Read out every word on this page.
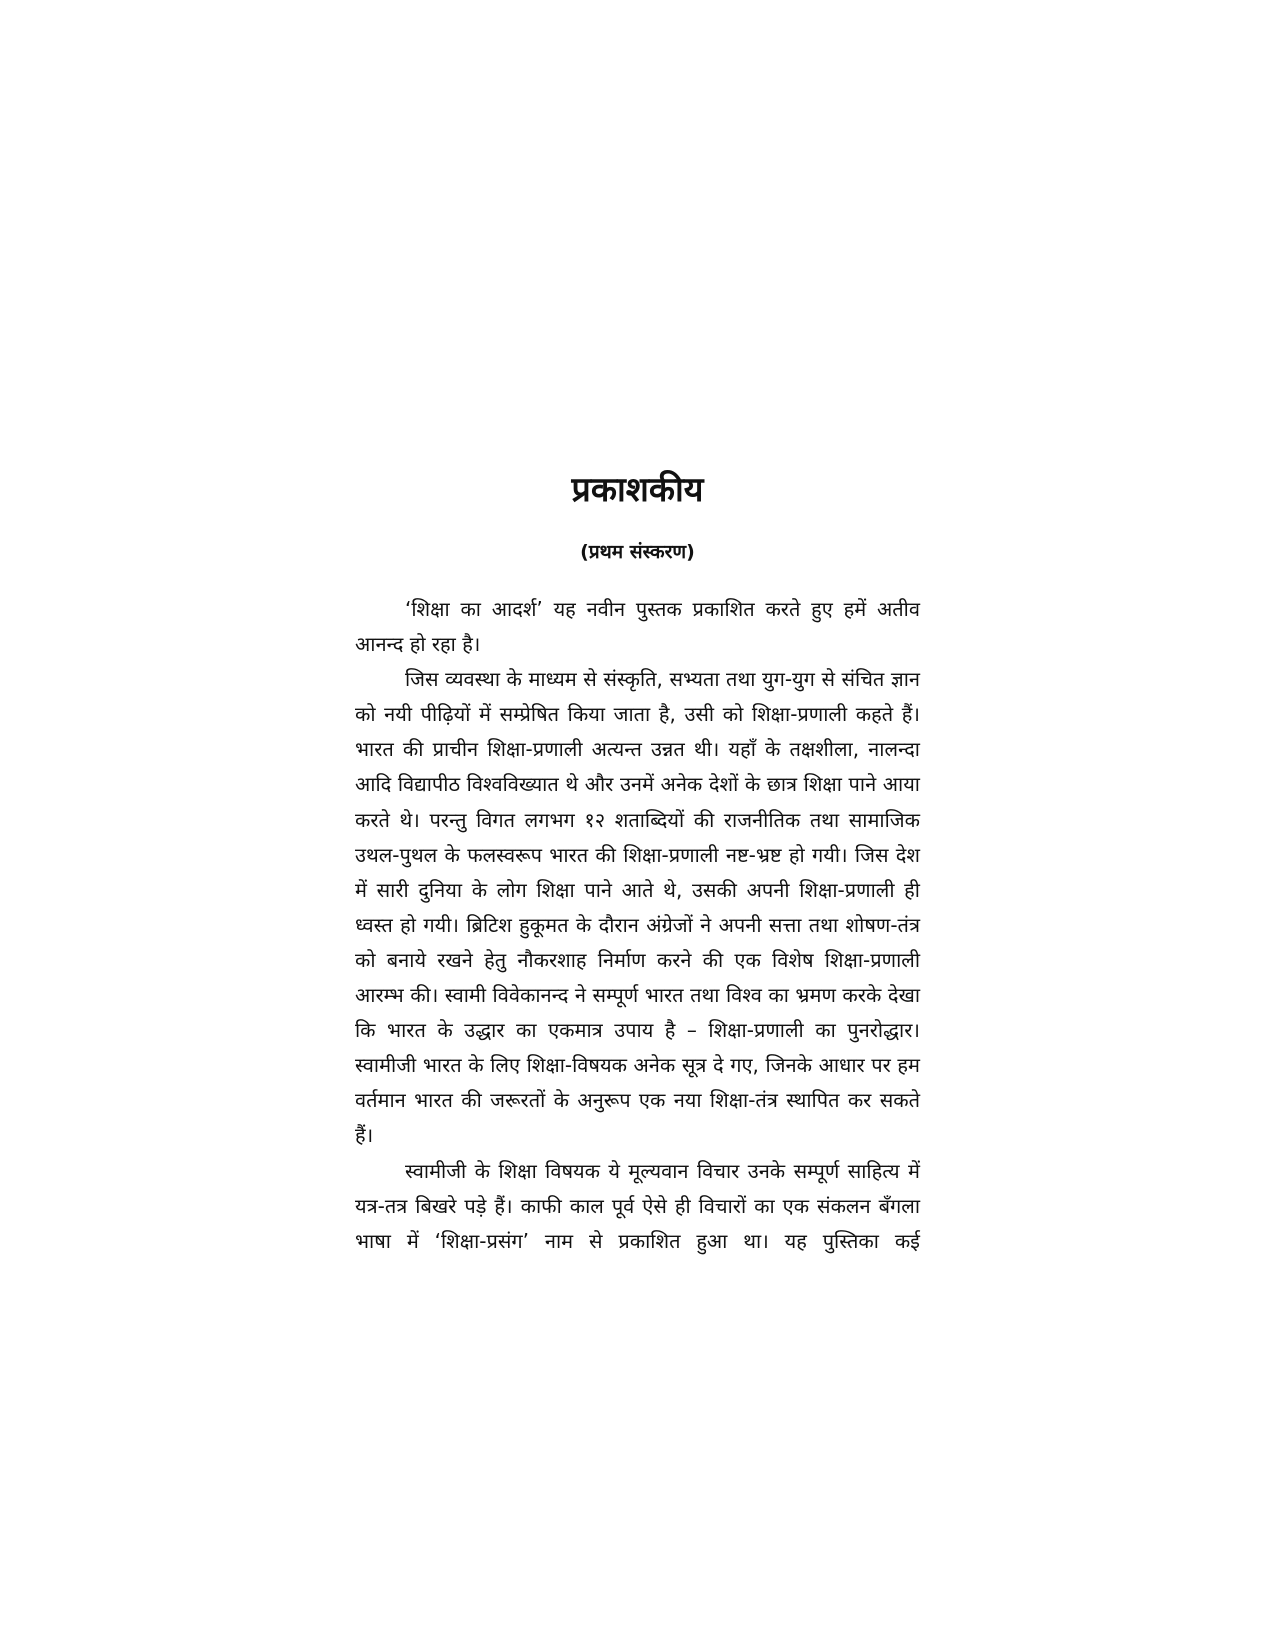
प्रकाशकीय
(प्रथम संस्करण)

‘शिक्षा का आदर्श’ यह नवीन पुस्तक प्रकाशित करते हुए हमें अतीव आनन्द हो रहा है।

जिस व्यवस्था के माध्यम से संस्कृति, सभ्यता तथा युग-युग से संचित ज्ञान को नयी पीढ़ियों में सम्प्रेषित किया जाता है, उसी को शिक्षा-प्रणाली कहते हैं। भारत की प्राचीन शिक्षा-प्रणाली अत्यन्त उन्नत थी। यहाँ के तक्षशीला, नालन्दा आदि विद्यापीठ विश्वविख्यात थे और उनमें अनेक देशों के छात्र शिक्षा पाने आया करते थे। परन्तु विगत लगभग १२ शताब्दियों की राजनीतिक तथा सामाजिक उथल-पुथल के फलस्वरूप भारत की शिक्षा-प्रणाली नष्ट-भ्रष्ट हो गयी। जिस देश में सारी दुनिया के लोग शिक्षा पाने आते थे, उसकी अपनी शिक्षा-प्रणाली ही ध्वस्त हो गयी। ब्रिटिश हुकूमत के दौरान अंग्रेजों ने अपनी सत्ता तथा शोषण-तंत्र को बनाये रखने हेतु नौकरशाह निर्माण करने की एक विशेष शिक्षा-प्रणाली आरम्भ की। स्वामी विवेकानन्द ने सम्पूर्ण भारत तथा विश्व का भ्रमण करके देखा कि भारत के उद्धार का एकमात्र उपाय है – शिक्षा-प्रणाली का पुनरोद्धार। स्वामीजी भारत के लिए शिक्षा-विषयक अनेक सूत्र दे गए, जिनके आधार पर हम वर्तमान भारत की जरूरतों के अनुरूप एक नया शिक्षा-तंत्र स्थापित कर सकते हैं।

स्वामीजी के शिक्षा विषयक ये मूल्यवान विचार उनके सम्पूर्ण साहित्य में यत्र-तत्र बिखरे पड़े हैं। काफी काल पूर्व ऐसे ही विचारों का एक संकलन बँगला भाषा में ‘शिक्षा-प्रसंग’ नाम से प्रकाशित हुआ था। यह पुस्तिका कई
